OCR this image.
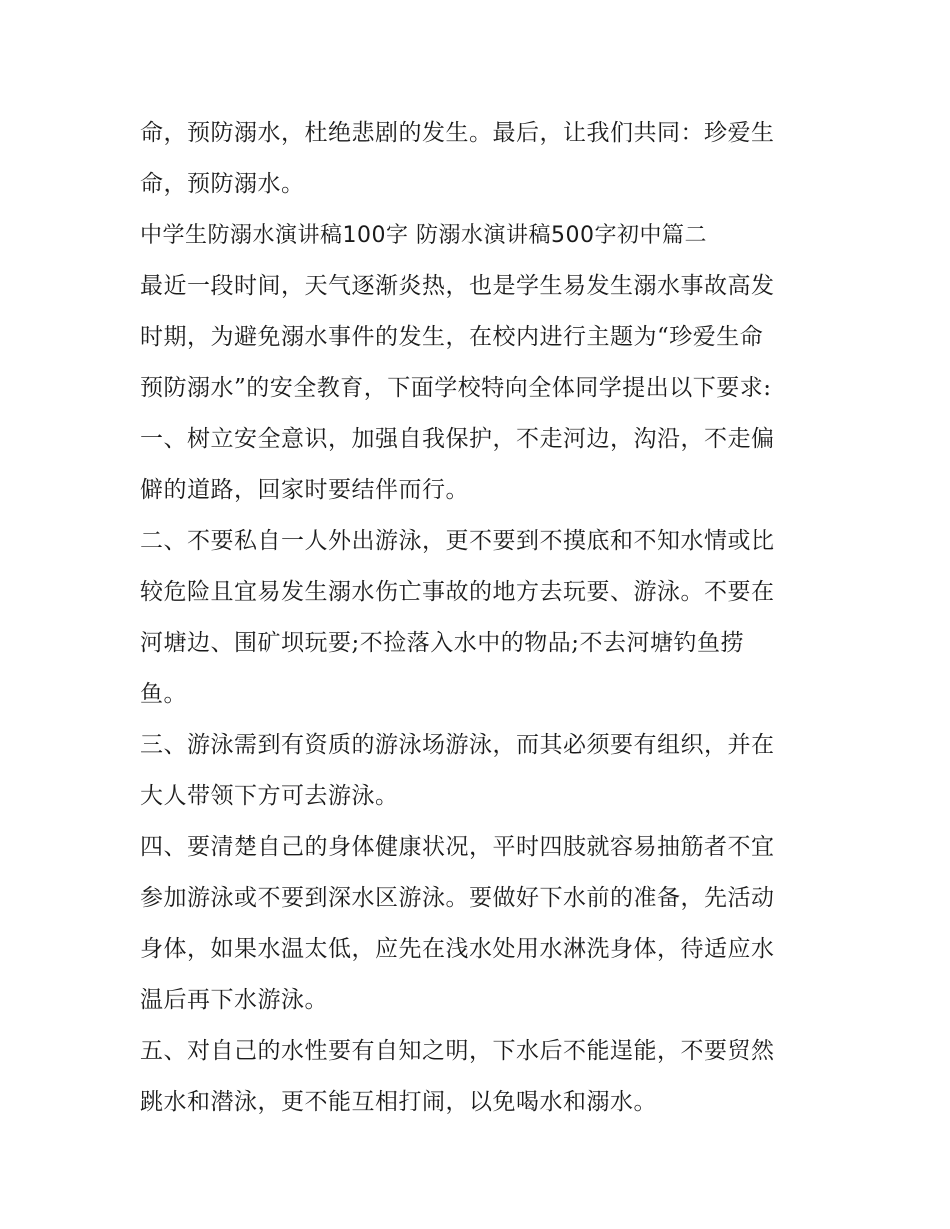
命，预防溺水，杜绝悲剧的发生。最后，让我们共同：珍爱生
命，预防溺水。
中学生防溺水演讲稿100字 防溺水演讲稿500字初中篇二
最近一段时间，天气逐渐炎热，也是学生易发生溺水事故高发
时期，为避免溺水事件的发生，在校内进行主题为“珍爱生命
预防溺水”的安全教育，下面学校特向全体同学提出以下要求:
一、树立安全意识，加强自我保护，不走河边，沟沿，不走偏
僻的道路，回家时要结伴而行。
二、不要私自一人外出游泳，更不要到不摸底和不知水情或比
较危险且宜易发生溺水伤亡事故的地方去玩要、游泳。不要在
河塘边、围矿坝玩要;不捡落入水中的物品;不去河塘钓鱼捞
鱼。
三、游泳需到有资质的游泳场游泳，而其必须要有组织，并在
大人带领下方可去游泳。
四、要清楚自己的身体健康状况，平时四肢就容易抽筋者不宜
参加游泳或不要到深水区游泳。要做好下水前的准备，先活动
身体，如果水温太低，应先在浅水处用水淋洗身体，待适应水
温后再下水游泳。
五、对自己的水性要有自知之明，下水后不能逞能，不要贸然
跳水和潜泳，更不能互相打闹，以免喝水和溺水。
